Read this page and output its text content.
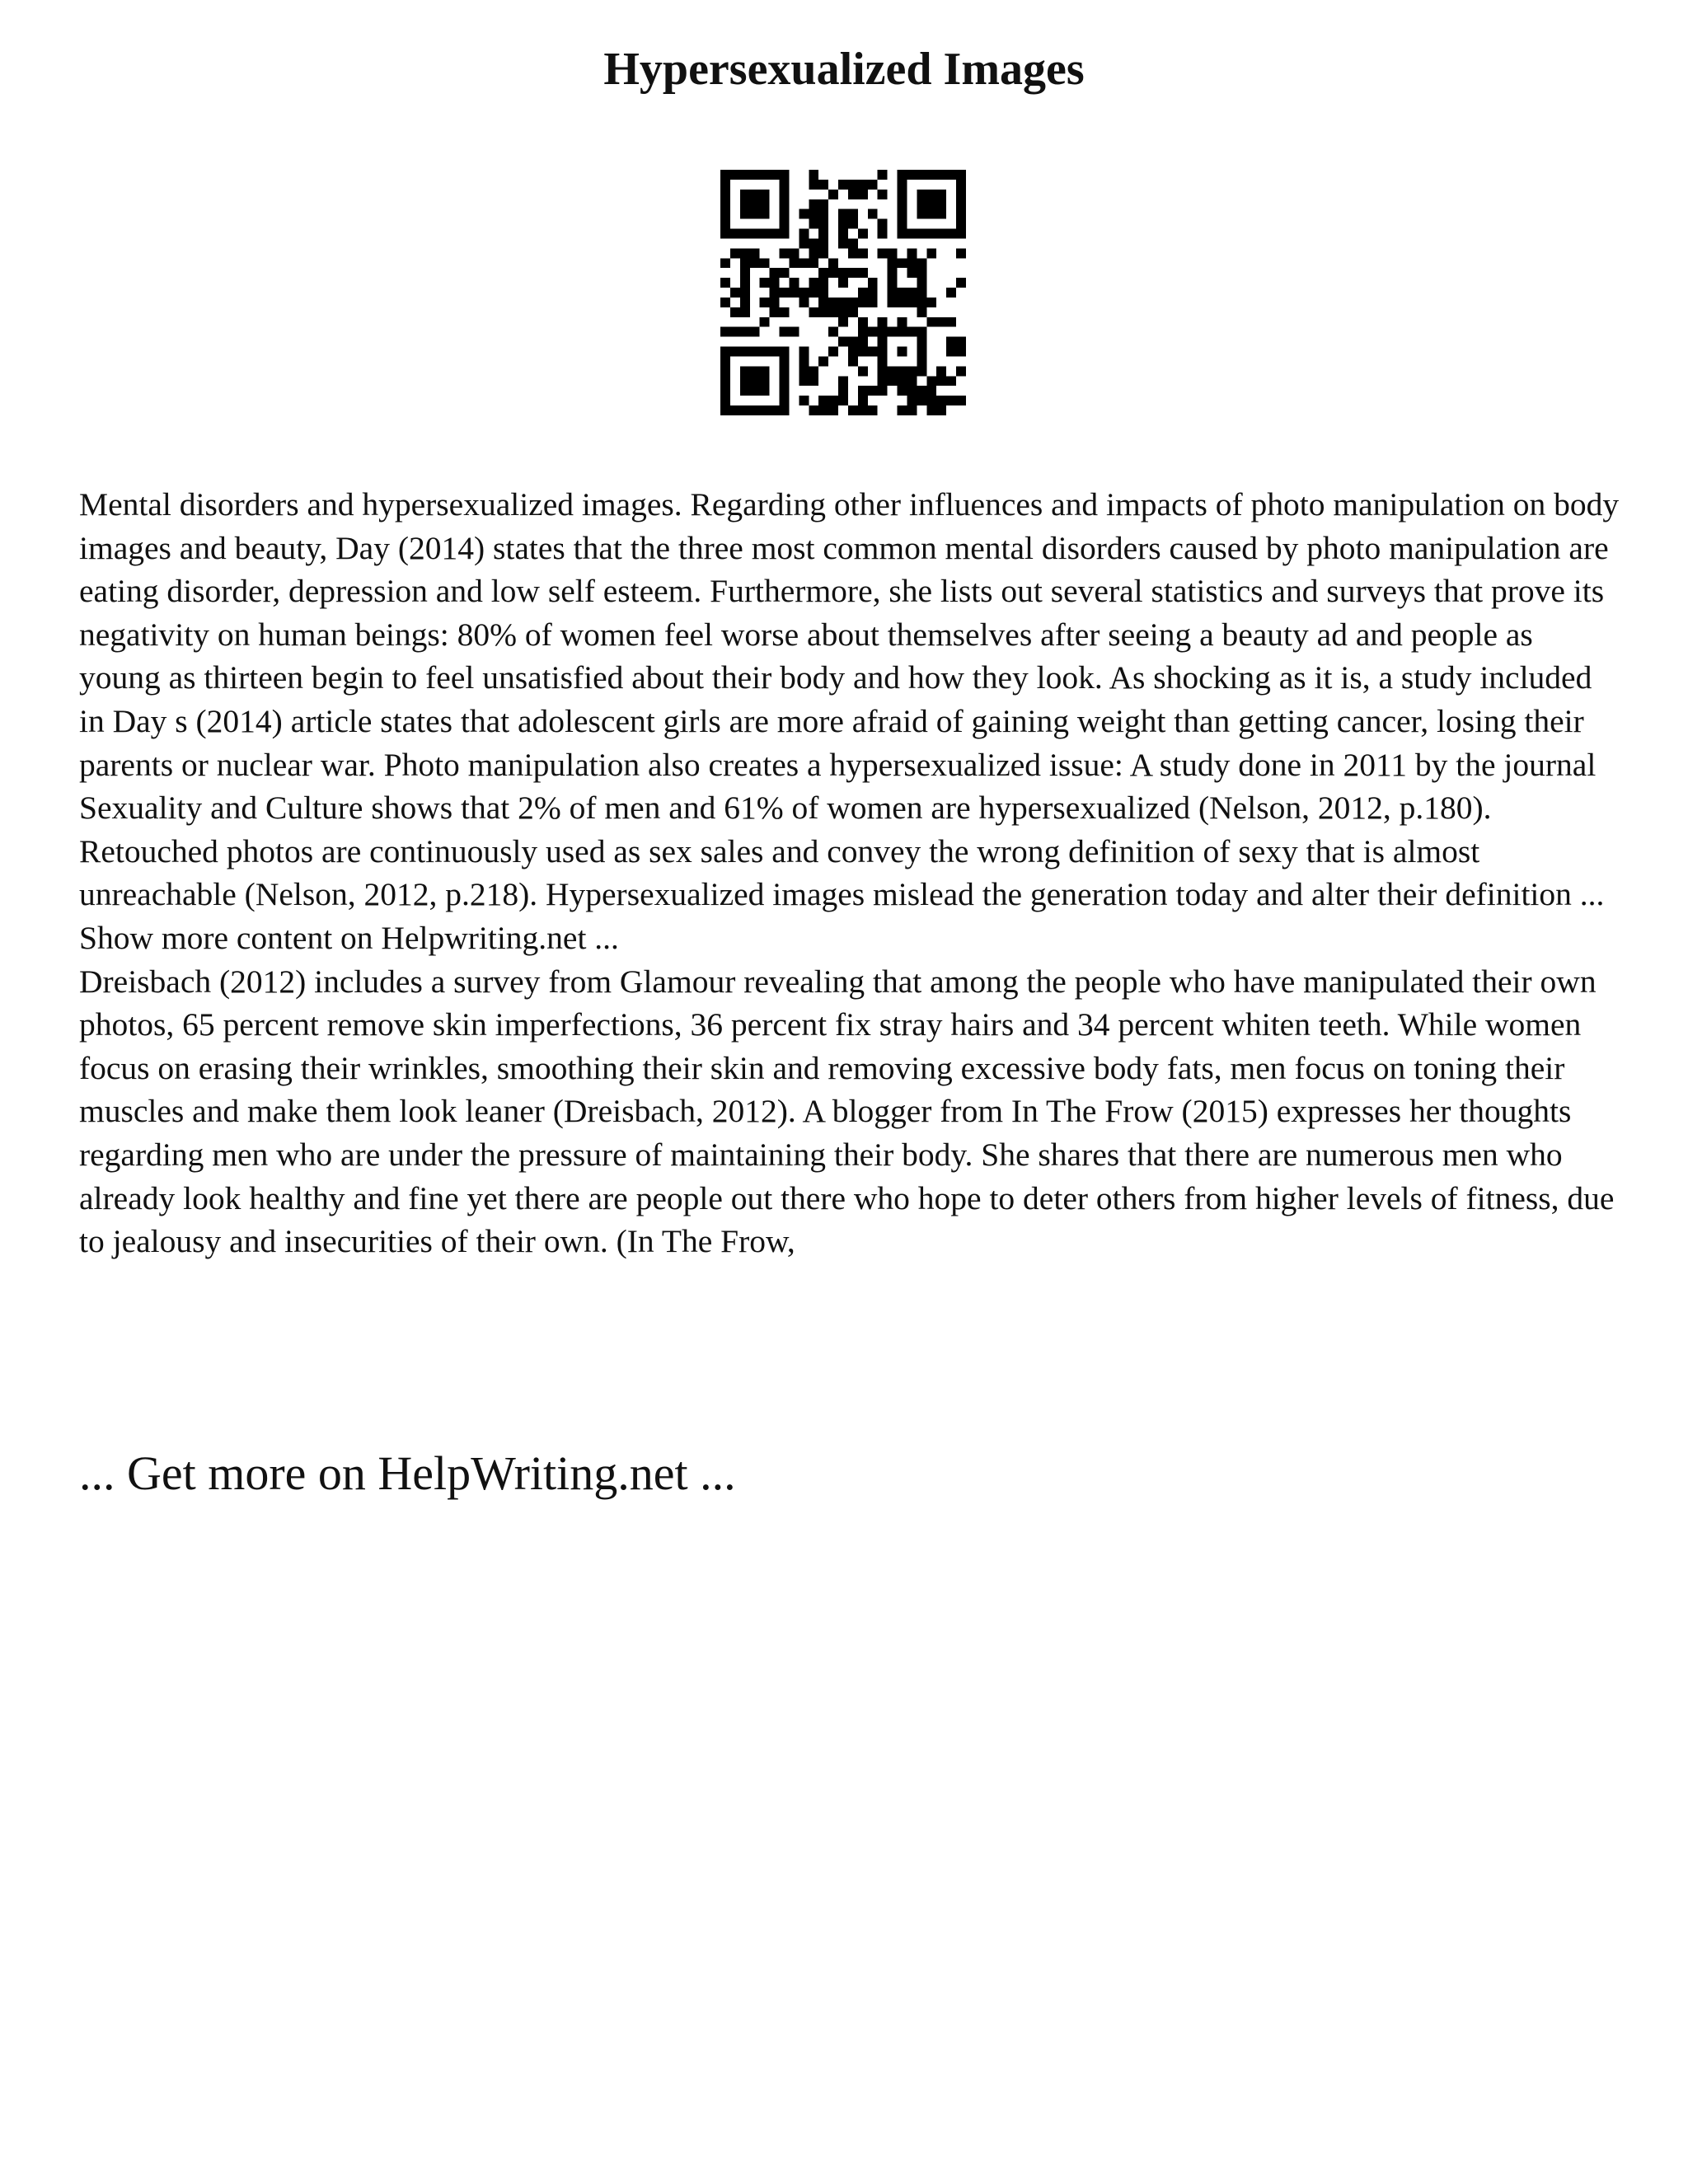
Hypersexualized Images

Mental disorders and hypersexualized images. Regarding other influences and impacts of photo manipulation on body images and beauty, Day (2014) states that the three most common mental disorders caused by photo manipulation are eating disorder, depression and low self esteem. Furthermore, she lists out several statistics and surveys that prove its negativity on human beings: 80% of women feel worse about themselves after seeing a beauty ad and people as young as thirteen begin to feel unsatisfied about their body and how they look. As shocking as it is, a study included in Day s (2014) article states that adolescent girls are more afraid of gaining weight than getting cancer, losing their parents or nuclear war. Photo manipulation also creates a hypersexualized issue: A study done in 2011 by the journal Sexuality and Culture shows that 2% of men and 61% of women are hypersexualized (Nelson, 2012, p.180). Retouched photos are continuously used as sex sales and convey the wrong definition of sexy that is almost unreachable (Nelson, 2012, p.218). Hypersexualized images mislead the generation today and alter their definition ... Show more content on Helpwriting.net ...

Dreisbach (2012) includes a survey from Glamour revealing that among the people who have manipulated their own photos, 65 percent remove skin imperfections, 36 percent fix stray hairs and 34 percent whiten teeth. While women focus on erasing their wrinkles, smoothing their skin and removing excessive body fats, men focus on toning their muscles and make them look leaner (Dreisbach, 2012). A blogger from In The Frow (2015) expresses her thoughts regarding men who are under the pressure of maintaining their body. She shares that there are numerous men who already look healthy and fine yet there are people out there who hope to deter others from higher levels of fitness, due to jealousy and insecurities of their own. (In The Frow,

... Get more on HelpWriting.net ...
